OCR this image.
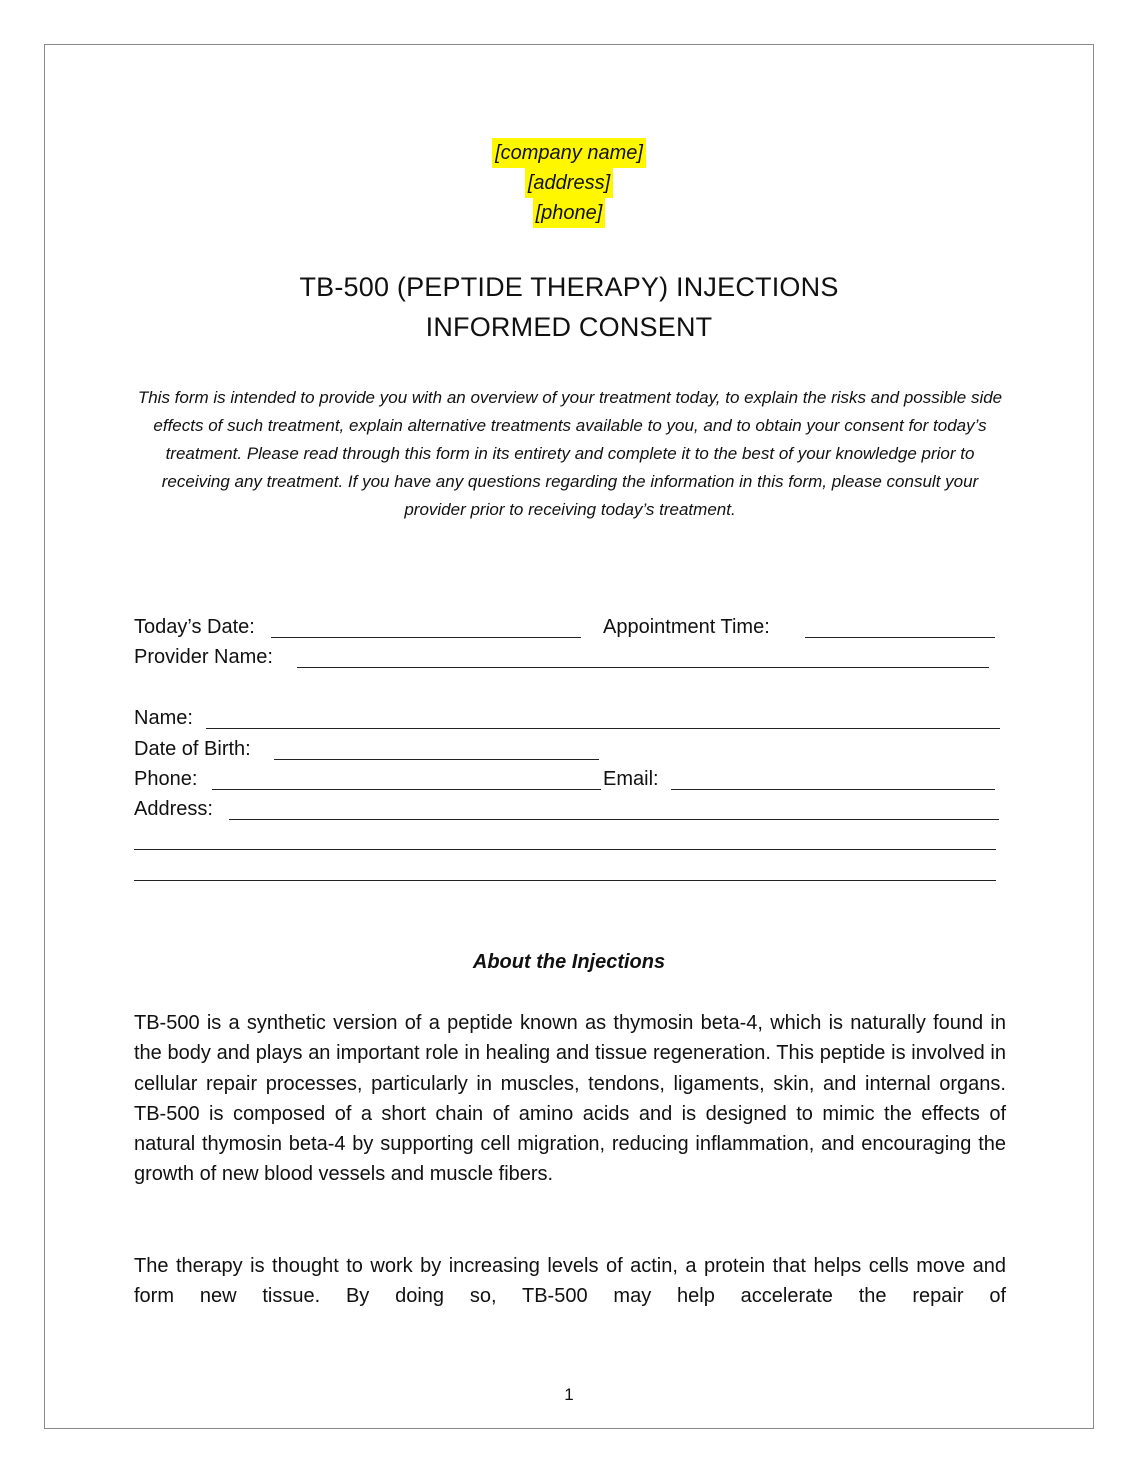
[company name]
[address]
[phone]
TB-500 (PEPTIDE THERAPY) INJECTIONS
INFORMED CONSENT

This form is intended to provide you with an overview of your treatment today, to explain the risks and possible side effects of such treatment, explain alternative treatments available to you, and to obtain your consent for today’s treatment. Please read through this form in its entirety and complete it to the best of your knowledge prior to receiving any treatment. If you have any questions regarding the information in this form, please consult your provider prior to receiving today’s treatment.

Today’s Date:	Appointment Time:
Provider Name:
Name:
Date of Birth:
Phone:	Email:
Address:
About the Injections

TB-500 is a synthetic version of a peptide known as thymosin beta-4, which is naturally found in the body and plays an important role in healing and tissue regeneration. This peptide is involved in cellular repair processes, particularly in muscles, tendons, ligaments, skin, and internal organs. TB-500 is composed of a short chain of amino acids and is designed to mimic the effects of natural thymosin beta-4 by supporting cell migration, reducing inflammation, and encouraging the growth of new blood vessels and muscle fibers.

The therapy is thought to work by increasing levels of actin, a protein that helps cells move and form new tissue. By doing so, TB-500 may help accelerate the repair of

1
